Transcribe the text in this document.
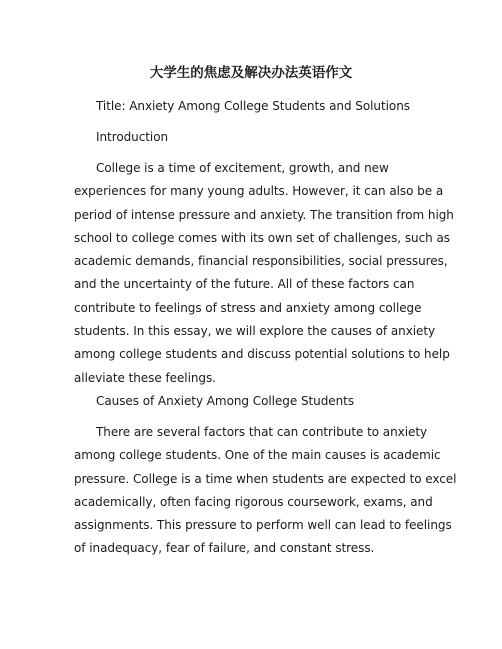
大学生的焦虑及解决办法英语作文

Title: Anxiety Among College Students and Solutions

Introduction

College is a time of excitement, growth, and new
experiences for many young adults. However, it can also be a
period of intense pressure and anxiety. The transition from high
school to college comes with its own set of challenges, such as
academic demands, financial responsibilities, social pressures,
and the uncertainty of the future. All of these factors can
contribute to feelings of stress and anxiety among college
students. In this essay, we will explore the causes of anxiety
among college students and discuss potential solutions to help
alleviate these feelings.

Causes of Anxiety Among College Students

There are several factors that can contribute to anxiety
among college students. One of the main causes is academic
pressure. College is a time when students are expected to excel
academically, often facing rigorous coursework, exams, and
assignments. This pressure to perform well can lead to feelings
of inadequacy, fear of failure, and constant stress.
